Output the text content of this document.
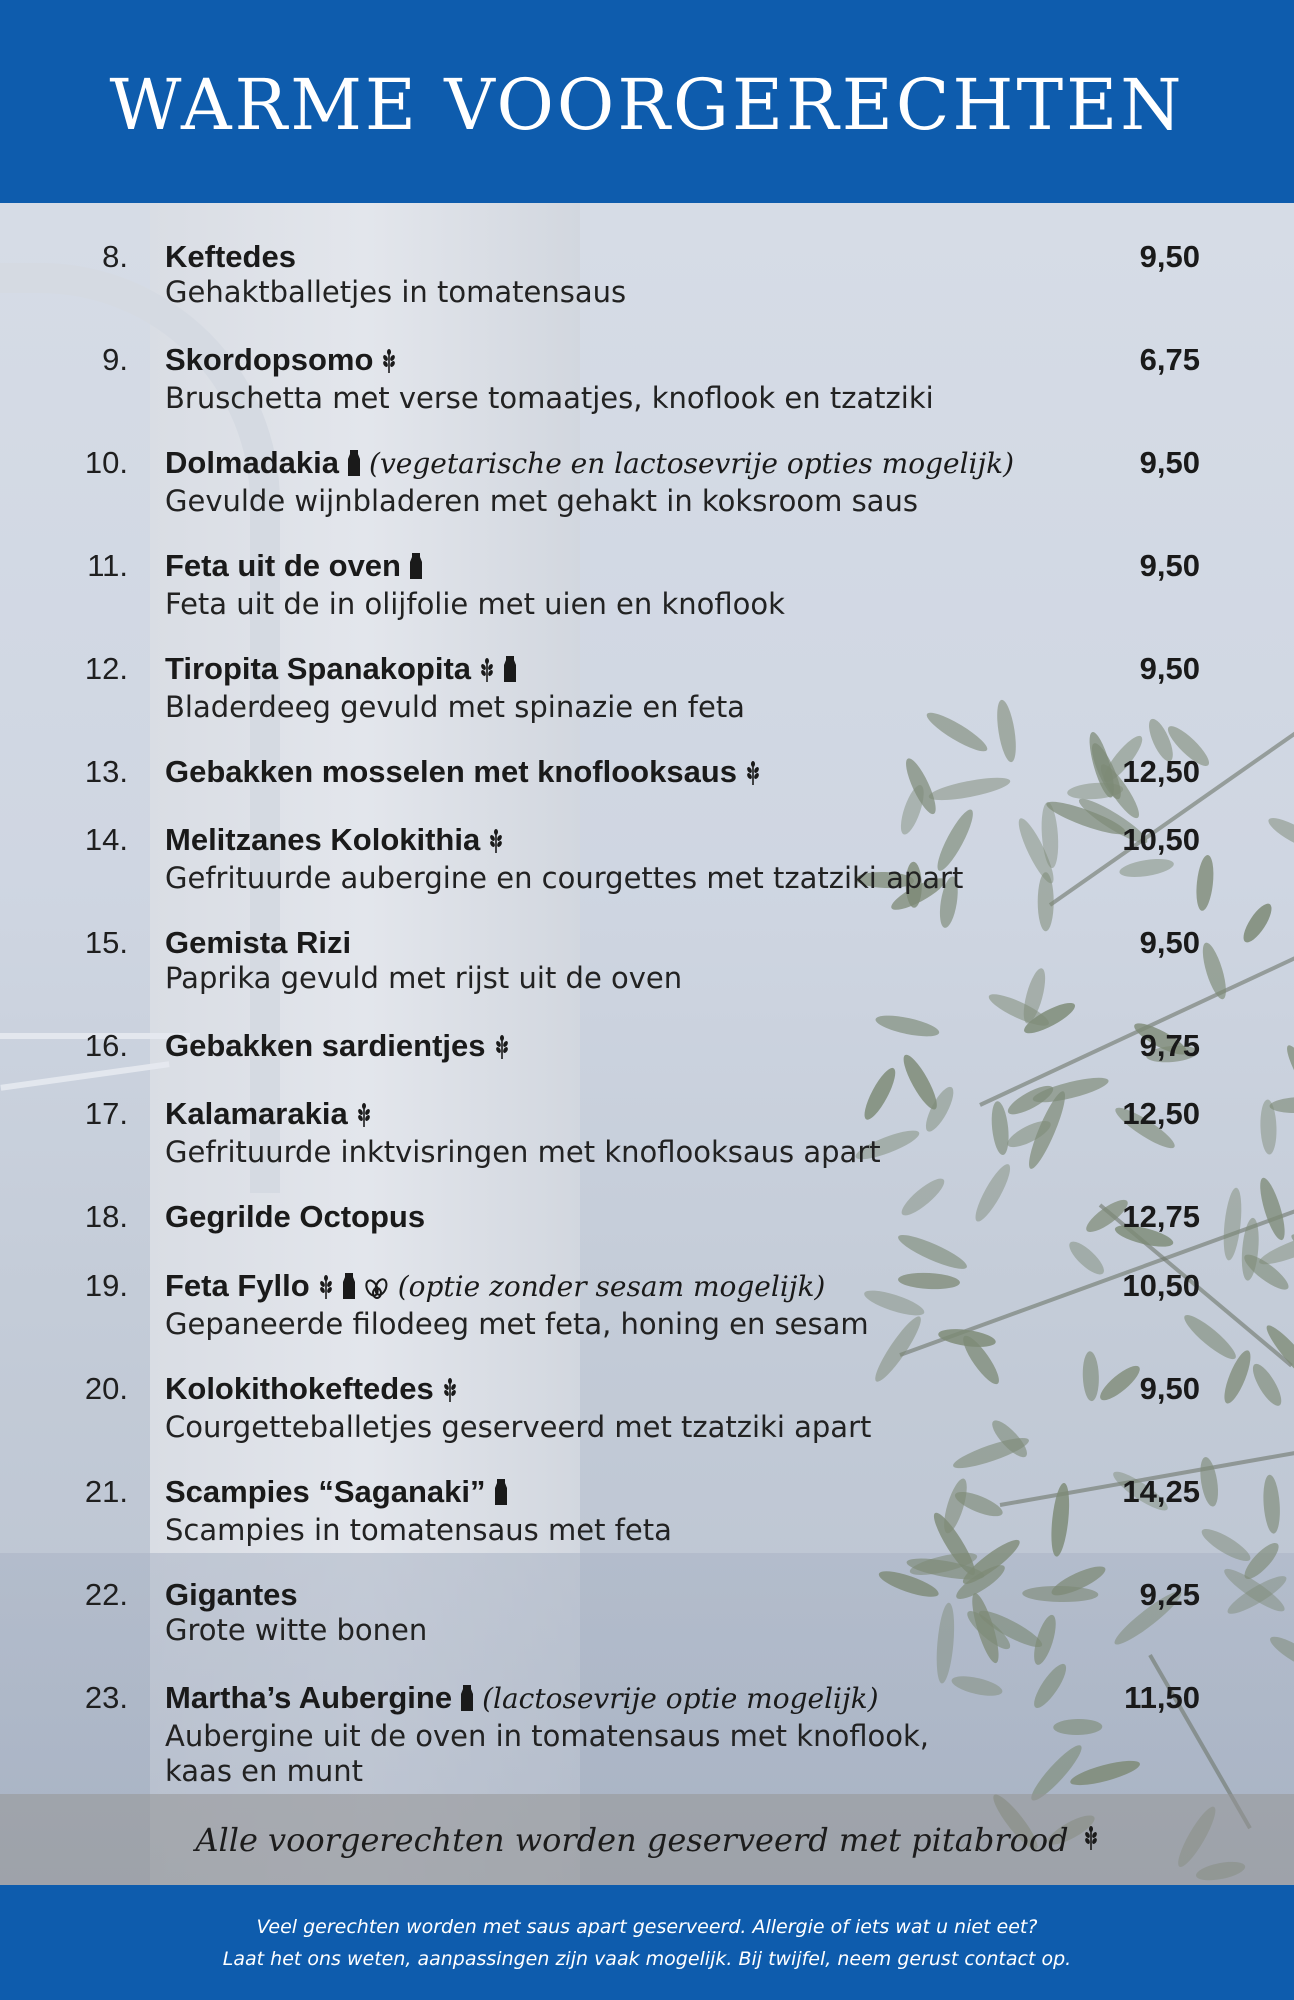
WARME VOORGERECHTEN
8. Keftedes
Gehaktballetjes in tomatensaus
9,50
9. Skordopsomo
Bruschetta met verse tomaatjes, knoflook en tzatziki
6,75
10. Dolmadakia (vegetarische en lactosevrije opties mogelijk)
Gevulde wijnbladeren met gehakt in koksroom saus
9,50
11. Feta uit de oven
Feta uit de in olijfolie met uien en knoflook
9,50
12. Tiropita Spanakopita
Bladerdeeg gevuld met spinazie en feta
9,50
13. Gebakken mosselen met knoflooksaus	12,50
14. Melitzanes Kolokithia
Gefrituurde aubergine en courgettes met tzatziki apart
10,50
15. Gemista Rizi
Paprika gevuld met rijst uit de oven
9,50
16. Gebakken sardientjes	9,75
17. Kalamarakia
Gefrituurde inktvisringen met knoflooksaus apart
12,50
18. Gegrilde Octopus	12,75
19. Feta Fyllo	(optie zonder sesam mogelijk)
Gepaneerde filodeeg met feta, honing en sesam
10,50
20. Kolokithokeftedes
Courgetteballetjes geserveerd met tzatziki apart
9,50
21. Scampies “Saganaki”
Scampies in tomatensaus met feta
14,25
22. Gigantes
Grote witte bonen
9,25
23. Martha’s Aubergine (lactosevrije optie mogelijk)
Aubergine uit de oven in tomatensaus met knoflook,
kaas en munt
11,50
Alle voorgerechten worden geserveerd met pitabrood
Veel gerechten worden met saus apart geserveerd. Allergie of iets wat u niet eet?
Laat het ons weten, aanpassingen zijn vaak mogelijk. Bij twijfel, neem gerust contact op.
